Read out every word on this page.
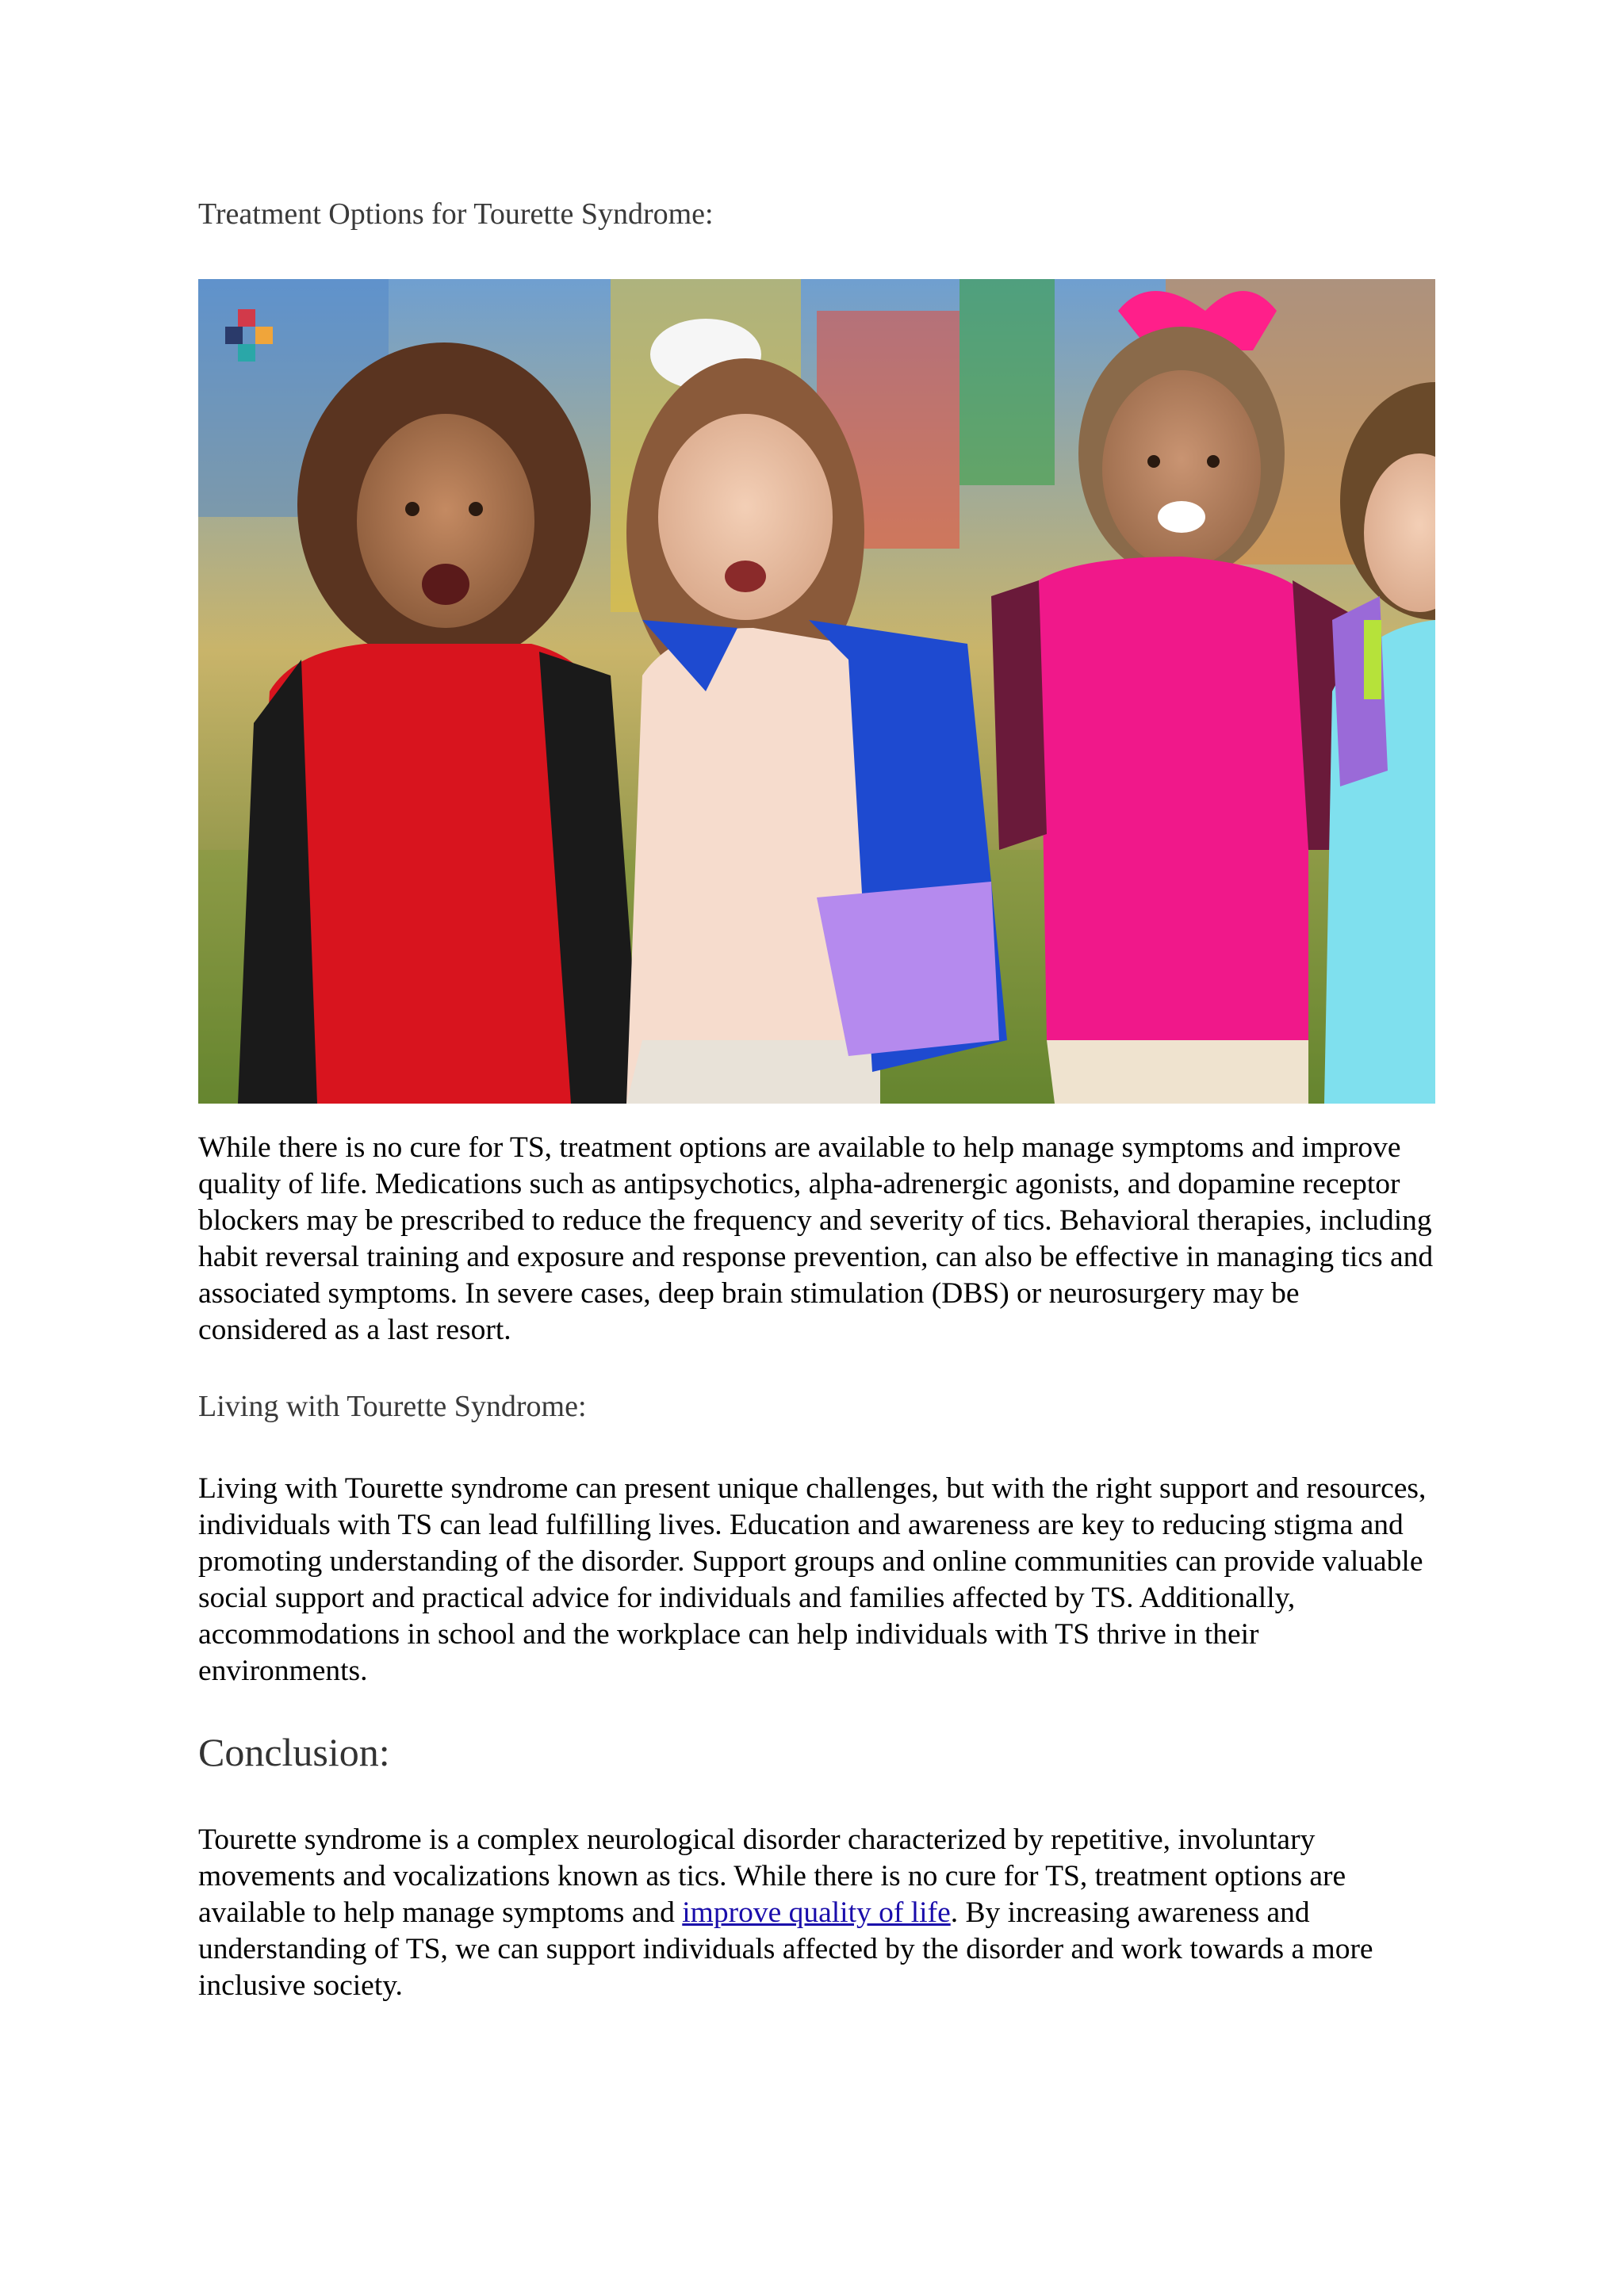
Treatment Options for Tourette Syndrome:

While there is no cure for TS, treatment options are available to help manage symptoms and improve quality of life. Medications such as antipsychotics, alpha-adrenergic agonists, and dopamine receptor blockers may be prescribed to reduce the frequency and severity of tics. Behavioral therapies, including habit reversal training and exposure and response prevention, can also be effective in managing tics and associated symptoms. In severe cases, deep brain stimulation (DBS) or neurosurgery may be considered as a last resort.

Living with Tourette Syndrome:

Living with Tourette syndrome can present unique challenges, but with the right support and resources, individuals with TS can lead fulfilling lives. Education and awareness are key to reducing stigma and promoting understanding of the disorder. Support groups and online communities can provide valuable social support and practical advice for individuals and families affected by TS. Additionally, accommodations in school and the workplace can help individuals with TS thrive in their environments.

Conclusion:

Tourette syndrome is a complex neurological disorder characterized by repetitive, involuntary movements and vocalizations known as tics. While there is no cure for TS, treatment options are available to help manage symptoms and improve quality of life. By increasing awareness and understanding of TS, we can support individuals affected by the disorder and work towards a more inclusive society.
